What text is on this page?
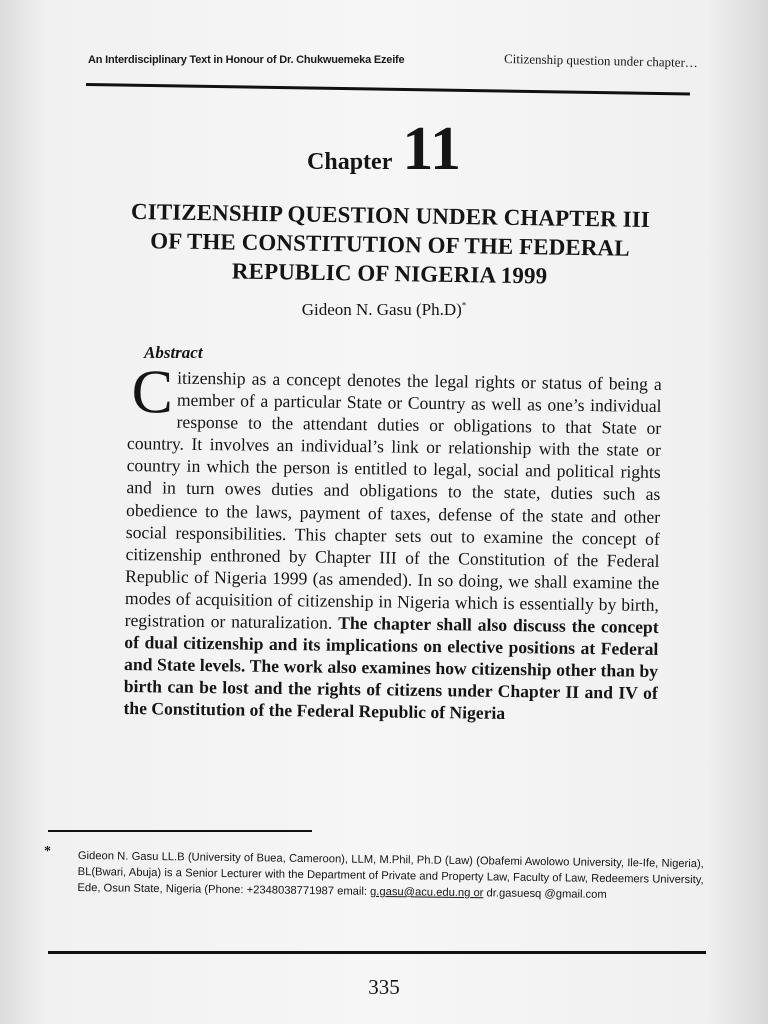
An Interdisciplinary Text in Honour of Dr. Chukwuemeka Ezeife	Citizenship question under chapter…
Chapter 11
CITIZENSHIP QUESTION UNDER CHAPTER III
OF THE CONSTITUTION OF THE FEDERAL
REPUBLIC OF NIGERIA 1999
Gideon N. Gasu (Ph.D)*
Abstract
Citizenship as a concept denotes the legal rights or status of being a member of a particular State or Country as well as one’s individual response to the attendant duties or obligations to that State or country. It involves an individual’s link or relationship with the state or country in which the person is entitled to legal, social and political rights and in turn owes duties and obligations to the state, duties such as obedience to the laws, payment of taxes, defense of the state and other social responsibilities. This chapter sets out to examine the concept of citizenship enthroned by Chapter III of the Constitution of the Federal Republic of Nigeria 1999 (as amended). In so doing, we shall examine the modes of acquisition of citizenship in Nigeria which is essentially by birth, registration or naturalization. The chapter shall also discuss the concept of dual citizenship and its implications on elective positions at Federal and State levels. The work also examines how citizenship other than by birth can be lost and the rights of citizens under Chapter II and IV of the Constitution of the Federal Republic of Nigeria
* Gideon N. Gasu LL.B (University of Buea, Cameroon), LLM, M.Phil, Ph.D (Law) (Obafemi Awolowo University, Ile-Ife, Nigeria), BL(Bwari, Abuja) is a Senior Lecturer with the Department of Private and Property Law, Faculty of Law, Redeemers University, Ede, Osun State, Nigeria (Phone: +2348038771987 email: g.gasu@acu.edu.ng or dr.gasuesq @gmail.com
335
